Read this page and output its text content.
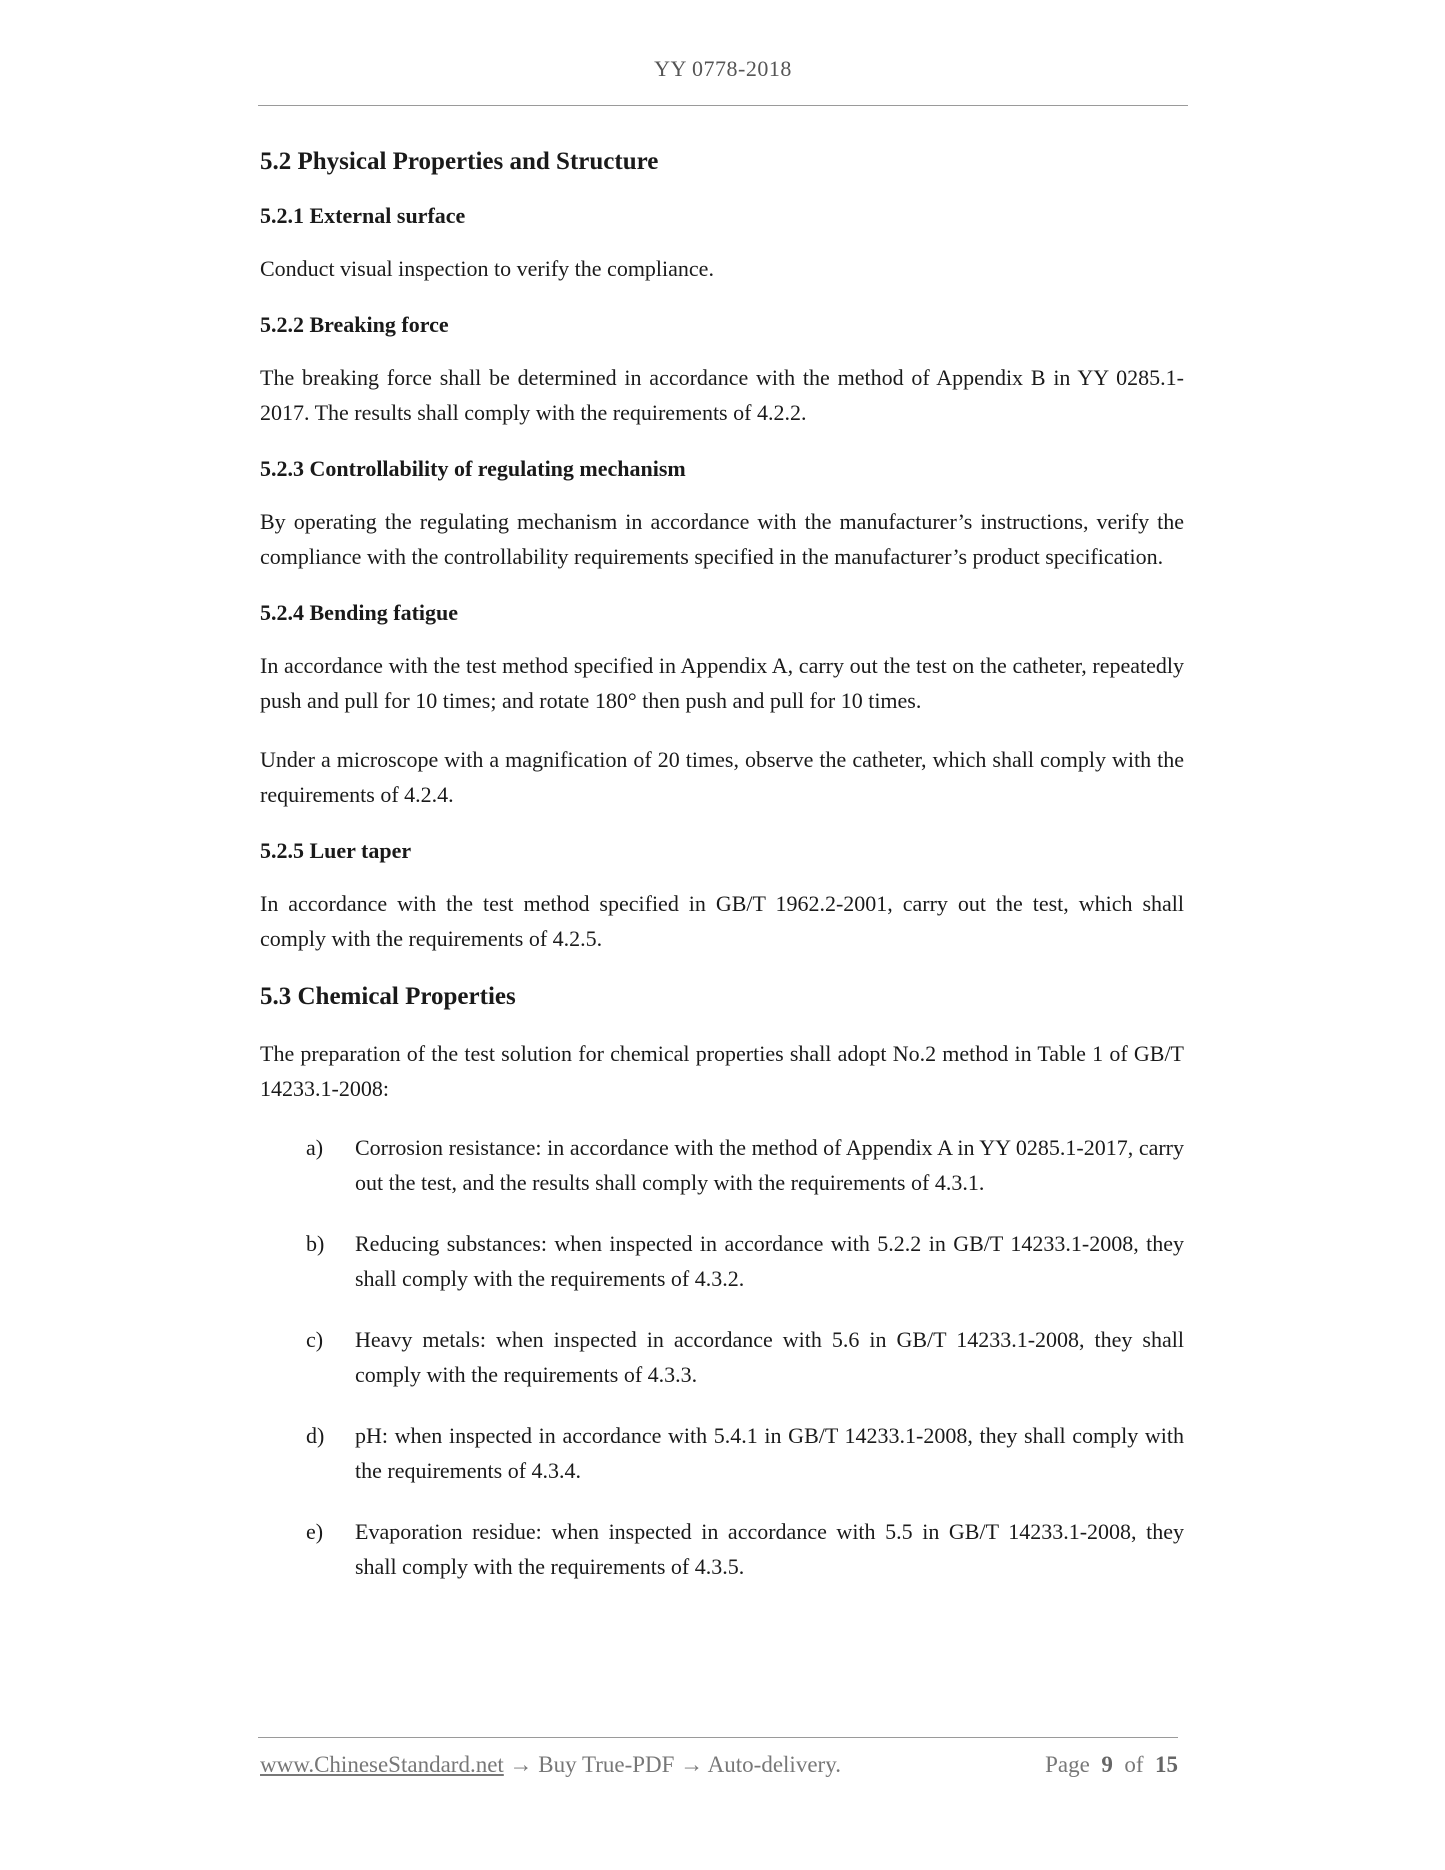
YY 0778-2018
5.2 Physical Properties and Structure
5.2.1 External surface

Conduct visual inspection to verify the compliance.

5.2.2 Breaking force

The breaking force shall be determined in accordance with the method of Appendix B in YY 0285.1-2017. The results shall comply with the requirements of 4.2.2.

5.2.3 Controllability of regulating mechanism

By operating the regulating mechanism in accordance with the manufacturer’s instructions, verify the compliance with the controllability requirements specified in the manufacturer’s product specification.

5.2.4 Bending fatigue

In accordance with the test method specified in Appendix A, carry out the test on the catheter, repeatedly push and pull for 10 times; and rotate 180° then push and pull for 10 times.

Under a microscope with a magnification of 20 times, observe the catheter, which shall comply with the requirements of 4.2.4.

5.2.5 Luer taper

In accordance with the test method specified in GB/T 1962.2-2001, carry out the test, which shall comply with the requirements of 4.2.5.

5.3 Chemical Properties

The preparation of the test solution for chemical properties shall adopt No.2 method in Table 1 of GB/T 14233.1-2008:

a) Corrosion resistance: in accordance with the method of Appendix A in YY 0285.1-2017, carry out the test, and the results shall comply with the requirements of 4.3.1.
b) Reducing substances: when inspected in accordance with 5.2.2 in GB/T 14233.1-2008, they shall comply with the requirements of 4.3.2.
c) Heavy metals: when inspected in accordance with 5.6 in GB/T 14233.1-2008, they shall comply with the requirements of 4.3.3.
d) pH: when inspected in accordance with 5.4.1 in GB/T 14233.1-2008, they shall comply with the requirements of 4.3.4.
e) Evaporation residue: when inspected in accordance with 5.5 in GB/T 14233.1-2008, they shall comply with the requirements of 4.3.5.
www.ChineseStandard.net → Buy True-PDF → Auto-delivery.	Page 9 of 15
